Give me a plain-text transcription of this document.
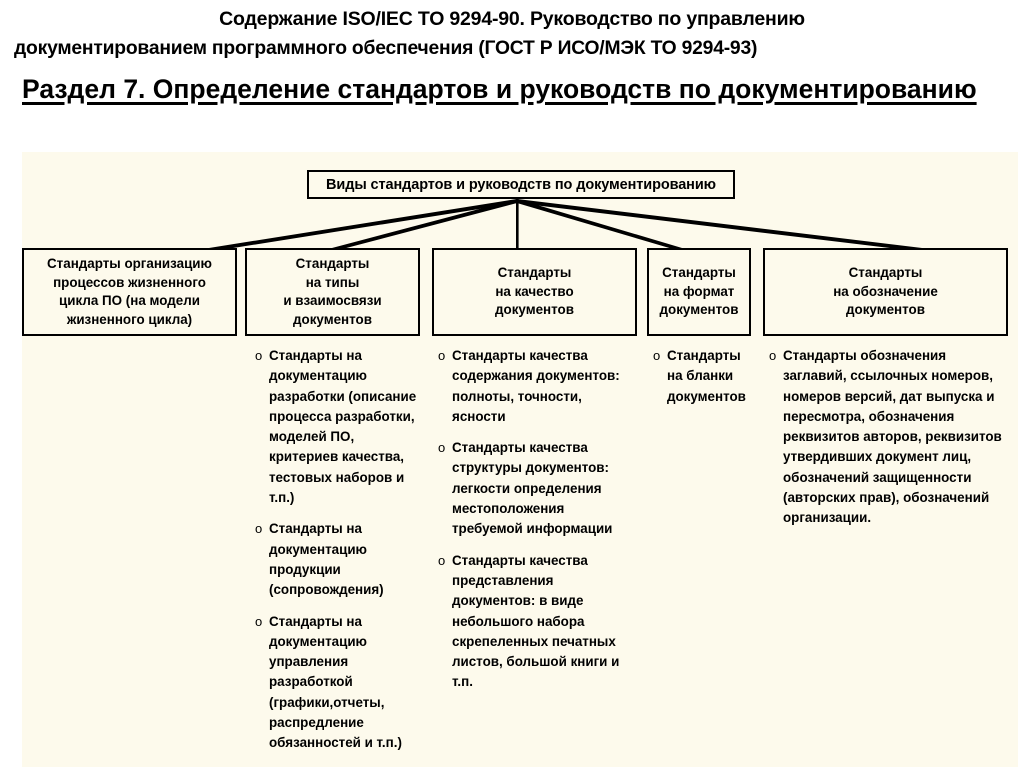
Содержание ISO/IEC TO 9294-90. Руководство по управлению
документированием программного обеспечения (ГОСТ Р ИСО/МЭК ТО 9294-93)
Раздел 7. Определение стандартов и руководств по документированию
Виды стандартов и руководств по документированию
Стандарты организацию
процессов жизненного
цикла ПО (на модели
жизненного цикла)
Стандарты
на типы
и взаимосвязи
документов
o Стандарты на документацию разработки (описание процесса разработки, моделей ПО, критериев качества, тестовых наборов и т.п.)
o Стандарты на документацию продукции (сопровождения)
o Стандарты на документацию управления разработкой (графики,отчеты, распредление обязанностей и т.п.)
Стандарты
на качество
документов
o Стандарты качества содержания документов: полноты, точности, ясности
o Стандарты качества структуры документов: легкости определения местоположения требуемой информации
o Стандарты качества представления документов: в виде небольшого набора скрепеленных печатных листов, большой книги и т.п.
Стандарты
на формат
документов
o Стандарты на бланки документов
Стандарты
на обозначение
документов
o Стандарты обозначения заглавий, ссылочных номеров, номеров версий, дат выпуска и пересмотра, обозначения реквизитов авторов, реквизитов утвердивших документ лиц, обозначений защищенности (авторских прав), обозначений организации.
